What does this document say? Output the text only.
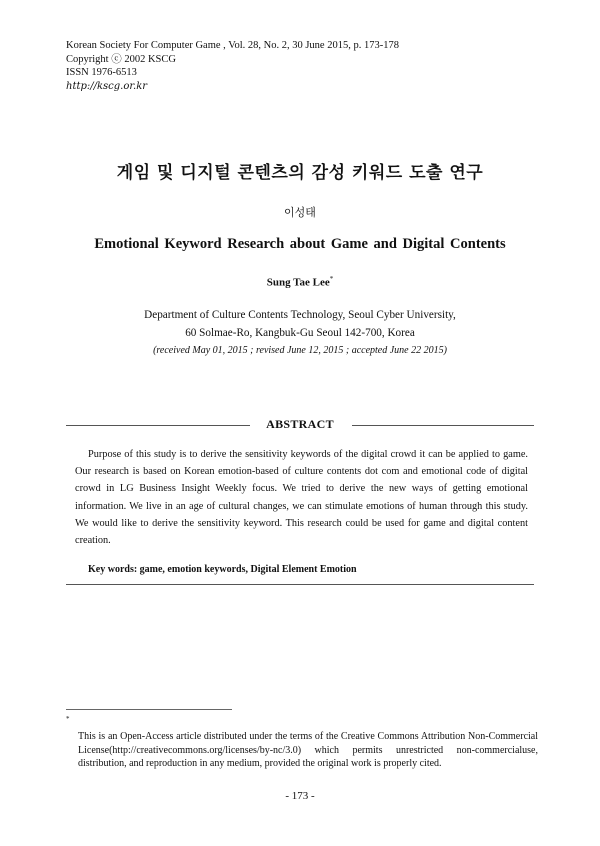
Korean Society For Computer Game , Vol. 28, No. 2, 30 June 2015, p. 173-178
Copyright ⓒ 2002 KSCG
ISSN 1976-6513
http://kscg.or.kr
게임 및 디지털 콘텐츠의 감성 키워드 도출 연구
이성태
Emotional Keyword Research about Game and Digital Contents
Sung Tae Lee*
Department of Culture Contents Technology, Seoul Cyber University,
60 Solmae-Ro, Kangbuk-Gu Seoul 142-700, Korea
(received May 01, 2015 ; revised June 12, 2015 ; accepted June 22 2015)
ABSTRACT
Purpose of this study is to derive the sensitivity keywords of the digital crowd it can be applied to game. Our research is based on Korean emotion-based of culture contents dot com and emotional code of digital crowd in LG Business Insight Weekly focus. We tried to derive the new ways of getting emotional information. We live in an age of cultural changes, we can stimulate emotions of human through this study. We would like to derive the sensitivity keyword. This research could be used for game and digital content creation.
Key words: game, emotion keywords, Digital Element Emotion
*
This is an Open-Access article distributed under the terms of the Creative Commons Attribution Non-Commercial License(http://creativecommons.org/licenses/by-nc/3.0) which permits unrestricted non-commercialuse, distribution, and reproduction in any medium, provided the original work is properly cited.
- 173 -
